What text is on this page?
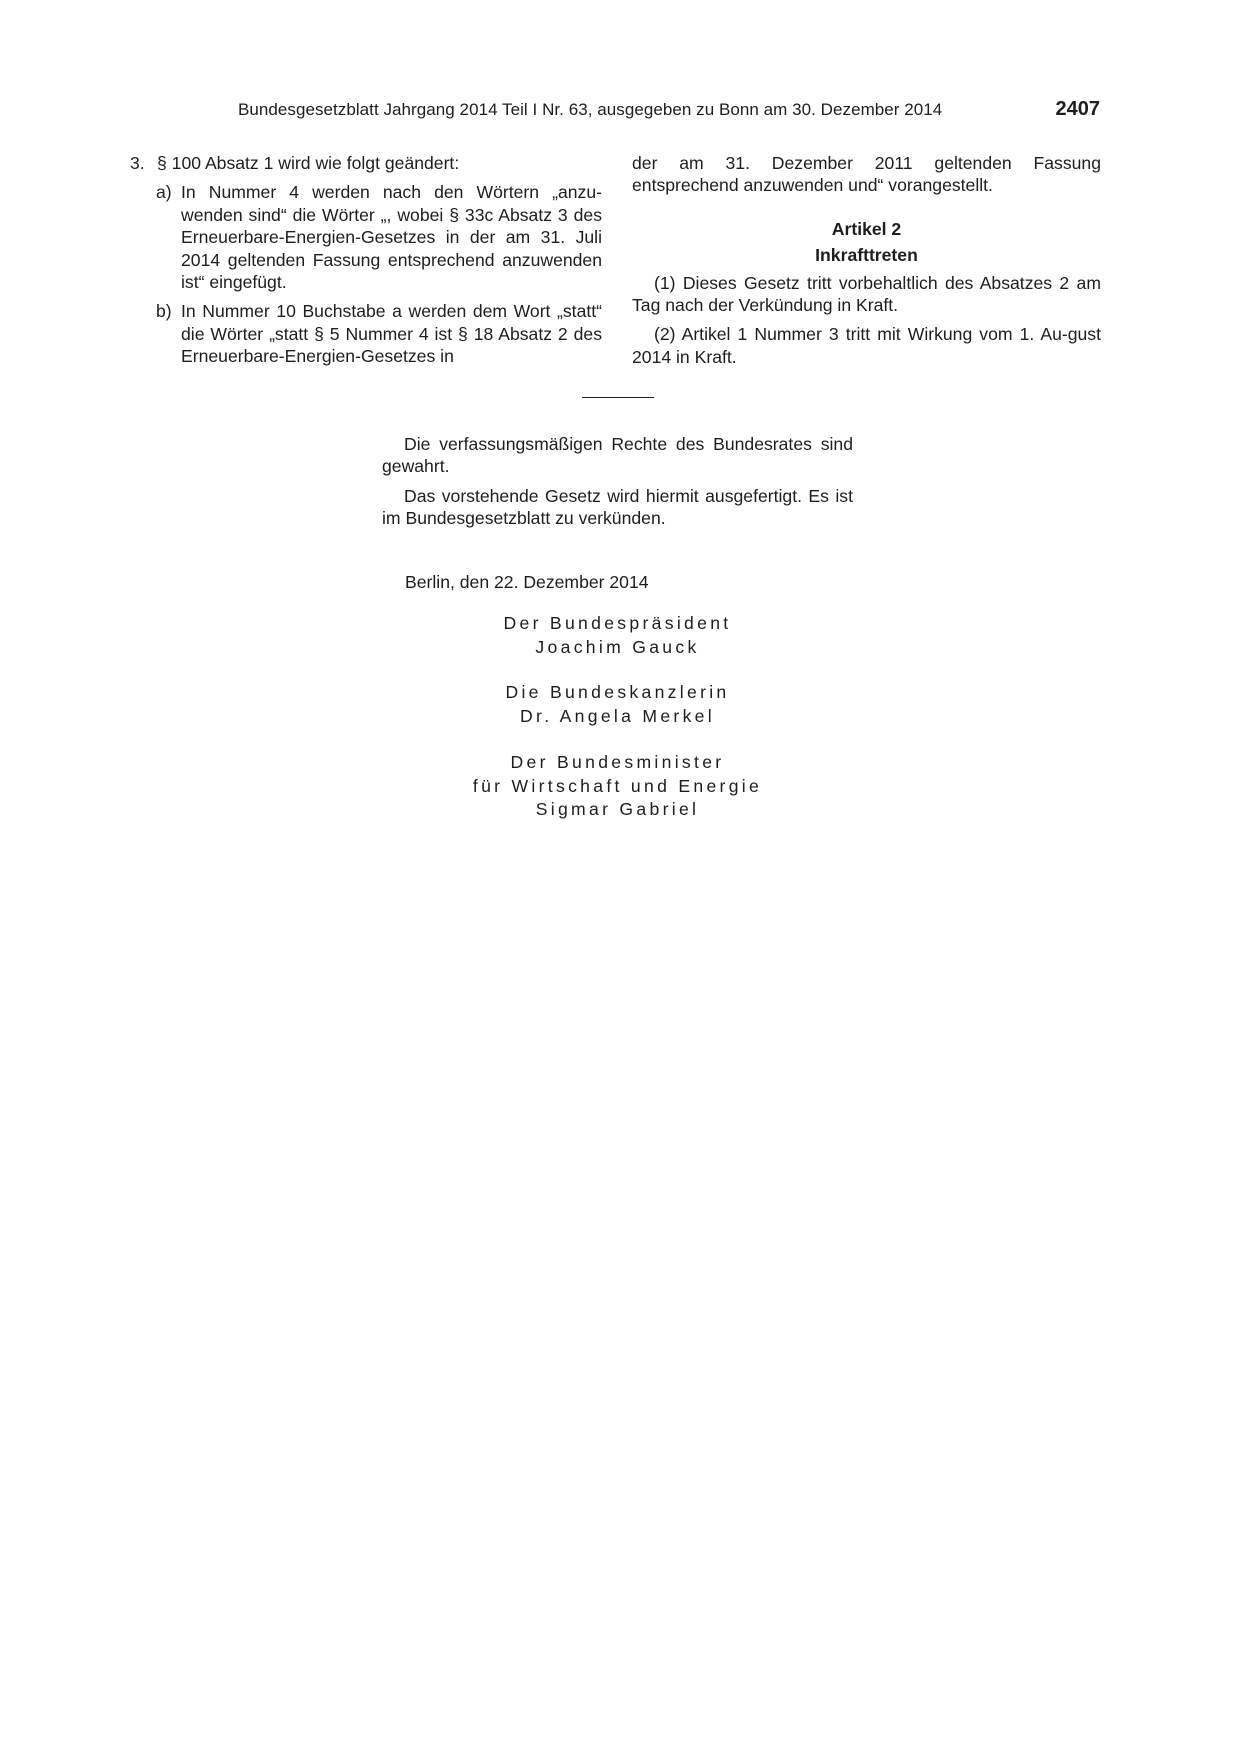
Bundesgesetzblatt Jahrgang 2014 Teil I Nr. 63, ausgegeben zu Bonn am 30. Dezember 2014	2407
3. § 100 Absatz 1 wird wie folgt geändert:
a) In Nummer 4 werden nach den Wörtern „anzu-wenden sind“ die Wörter „, wobei § 33c Absatz 3 des Erneuerbare-Energien-Gesetzes in der am 31. Juli 2014 geltenden Fassung entsprechend anzuwenden ist“ eingefügt.
b) In Nummer 10 Buchstabe a werden dem Wort „statt“ die Wörter „statt § 5 Nummer 4 ist § 18 Absatz 2 des Erneuerbare-Energien-Gesetzes in

der am 31. Dezember 2011 geltenden Fassung entsprechend anzuwenden und“ vorangestellt.

Artikel 2

Inkrafttreten

(1) Dieses Gesetz tritt vorbehaltlich des Absatzes 2 am Tag nach der Verkündung in Kraft.

(2) Artikel 1 Nummer 3 tritt mit Wirkung vom 1. Au-gust 2014 in Kraft.

Die verfassungsmäßigen Rechte des Bundesrates sind gewahrt.

Das vorstehende Gesetz wird hiermit ausgefertigt. Es ist im Bundesgesetzblatt zu verkünden.

Berlin, den 22. Dezember 2014
Der Bundespräsident
Joachim Gauck
Die Bundeskanzlerin
Dr. Angela Merkel
Der Bundesminister
für Wirtschaft und Energie
Sigmar Gabriel
